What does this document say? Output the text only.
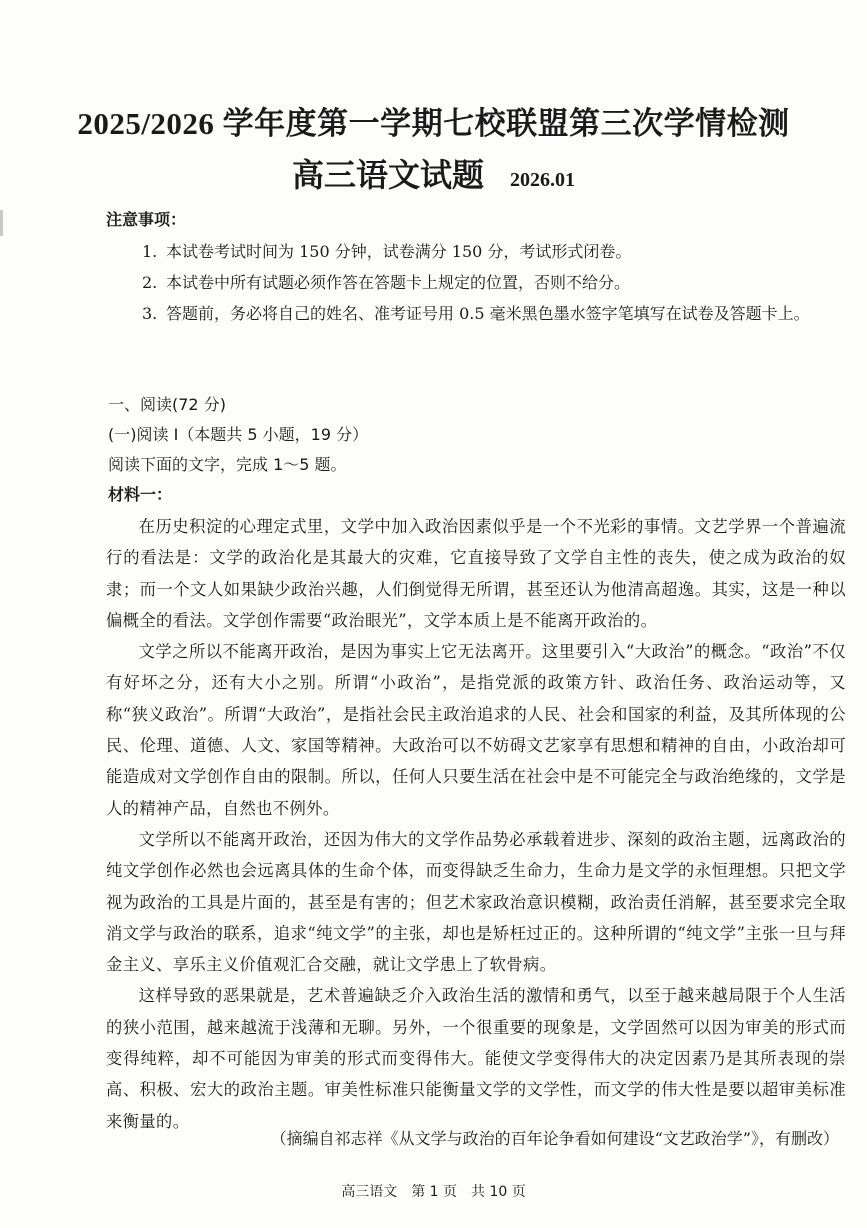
2025/2026 学年度第一学期七校联盟第三次学情检测
高三语文试题 2026.01
注意事项：
1. 本试卷考试时间为 150 分钟，试卷满分 150 分，考试形式闭卷。
2. 本试卷中所有试题必须作答在答题卡上规定的位置，否则不给分。
3. 答题前，务必将自己的姓名、准考证号用 0.5 毫米黑色墨水签字笔填写在试卷及答题卡上。
一、阅读(72 分)
(一)阅读 I（本题共 5 小题，19 分）
阅读下面的文字，完成 1～5 题。
材料一：

在历史积淀的心理定式里，文学中加入政治因素似乎是一个不光彩的事情。文艺学界一个普遍流行的看法是：文学的政治化是其最大的灾难，它直接导致了文学自主性的丧失，使之成为政治的奴隶；而一个文人如果缺少政治兴趣，人们倒觉得无所谓，甚至还认为他清高超逸。其实，这是一种以偏概全的看法。文学创作需要“政治眼光”，文学本质上是不能离开政治的。

文学之所以不能离开政治，是因为事实上它无法离开。这里要引入“大政治”的概念。“政治”不仅有好坏之分，还有大小之别。所谓“小政治”，是指党派的政策方针、政治任务、政治运动等，又称“狭义政治”。所谓“大政治”，是指社会民主政治追求的人民、社会和国家的利益，及其所体现的公民、伦理、道德、人文、家国等精神。大政治可以不妨碍文艺家享有思想和精神的自由，小政治却可能造成对文学创作自由的限制。所以，任何人只要生活在社会中是不可能完全与政治绝缘的，文学是人的精神产品，自然也不例外。

文学所以不能离开政治，还因为伟大的文学作品势必承载着进步、深刻的政治主题，远离政治的纯文学创作必然也会远离具体的生命个体，而变得缺乏生命力，生命力是文学的永恒理想。只把文学视为政治的工具是片面的，甚至是有害的；但艺术家政治意识模糊，政治责任消解，甚至要求完全取消文学与政治的联系，追求“纯文学”的主张，却也是矫枉过正的。这种所谓的“纯文学”主张一旦与拜金主义、享乐主义价值观汇合交融，就让文学患上了软骨病。

这样导致的恶果就是，艺术普遍缺乏介入政治生活的激情和勇气，以至于越来越局限于个人生活的狭小范围，越来越流于浅薄和无聊。另外，一个很重要的现象是，文学固然可以因为审美的形式而变得纯粹，却不可能因为审美的形式而变得伟大。能使文学变得伟大的决定因素乃是其所表现的崇高、积极、宏大的政治主题。审美性标准只能衡量文学的文学性，而文学的伟大性是要以超审美标准来衡量的。

（摘编自祁志祥《从文学与政治的百年论争看如何建设“文艺政治学”》，有删改）
高三语文　第 1 页　共 10 页
